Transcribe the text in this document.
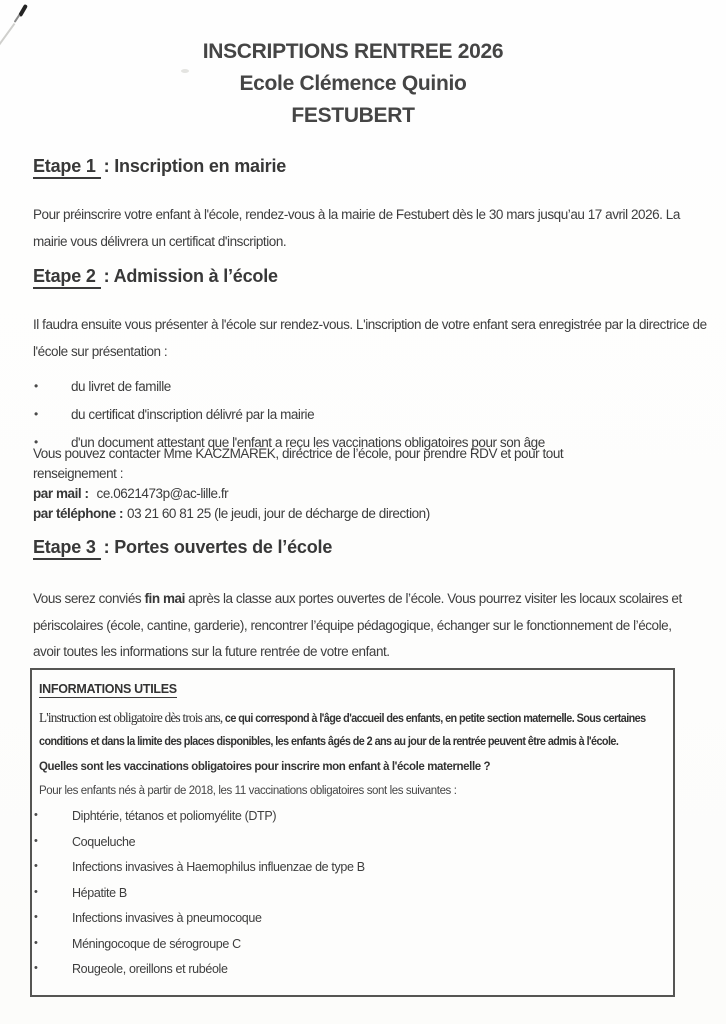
INSCRIPTIONS RENTREE 2026
Ecole Clémence Quinio
FESTUBERT
Etape 1 : Inscription en mairie

Pour préinscrire votre enfant à l'école, rendez-vous à la mairie de Festubert dès le 30 mars jusqu’au 17 avril 2026. La mairie vous délivrera un certificat d'inscription.

Etape 2 : Admission à l’école

Il faudra ensuite vous présenter à l'école sur rendez-vous. L'inscription de votre enfant sera enregistrée par la directrice de l'école sur présentation :

• du livret de famille
• du certificat d'inscription délivré par la mairie
• d'un document attestant que l'enfant a reçu les vaccinations obligatoires pour son âge
Vous pouvez contacter Mme KACZMAREK, directrice de l’école, pour prendre RDV et pour tout renseignement :
par mail : ce.0621473p@ac-lille.fr
par téléphone : 03 21 60 81 25 (le jeudi, jour de décharge de direction)
Etape 3 : Portes ouvertes de l’école

Vous serez conviés fin mai après la classe aux portes ouvertes de l’école. Vous pourrez visiter les locaux scolaires et périscolaires (école, cantine, garderie), rencontrer l’équipe pédagogique, échanger sur le fonctionnement de l’école, avoir toutes les informations sur la future rentrée de votre enfant.

INFORMATIONS UTILES

L'instruction est obligatoire dès trois ans, ce qui correspond à l'âge d'accueil des enfants, en petite section maternelle. Sous certaines conditions et dans la limite des places disponibles, les enfants âgés de 2 ans au jour de la rentrée peuvent être admis à l'école.

Quelles sont les vaccinations obligatoires pour inscrire mon enfant à l'école maternelle ?

Pour les enfants nés à partir de 2018, les 11 vaccinations obligatoires sont les suivantes :

• Diphtérie, tétanos et poliomyélite (DTP)
• Coqueluche
• Infections invasives à Haemophilus influenzae de type B
• Hépatite B
• Infections invasives à pneumocoque
• Méningocoque de sérogroupe C
• Rougeole, oreillons et rubéole
